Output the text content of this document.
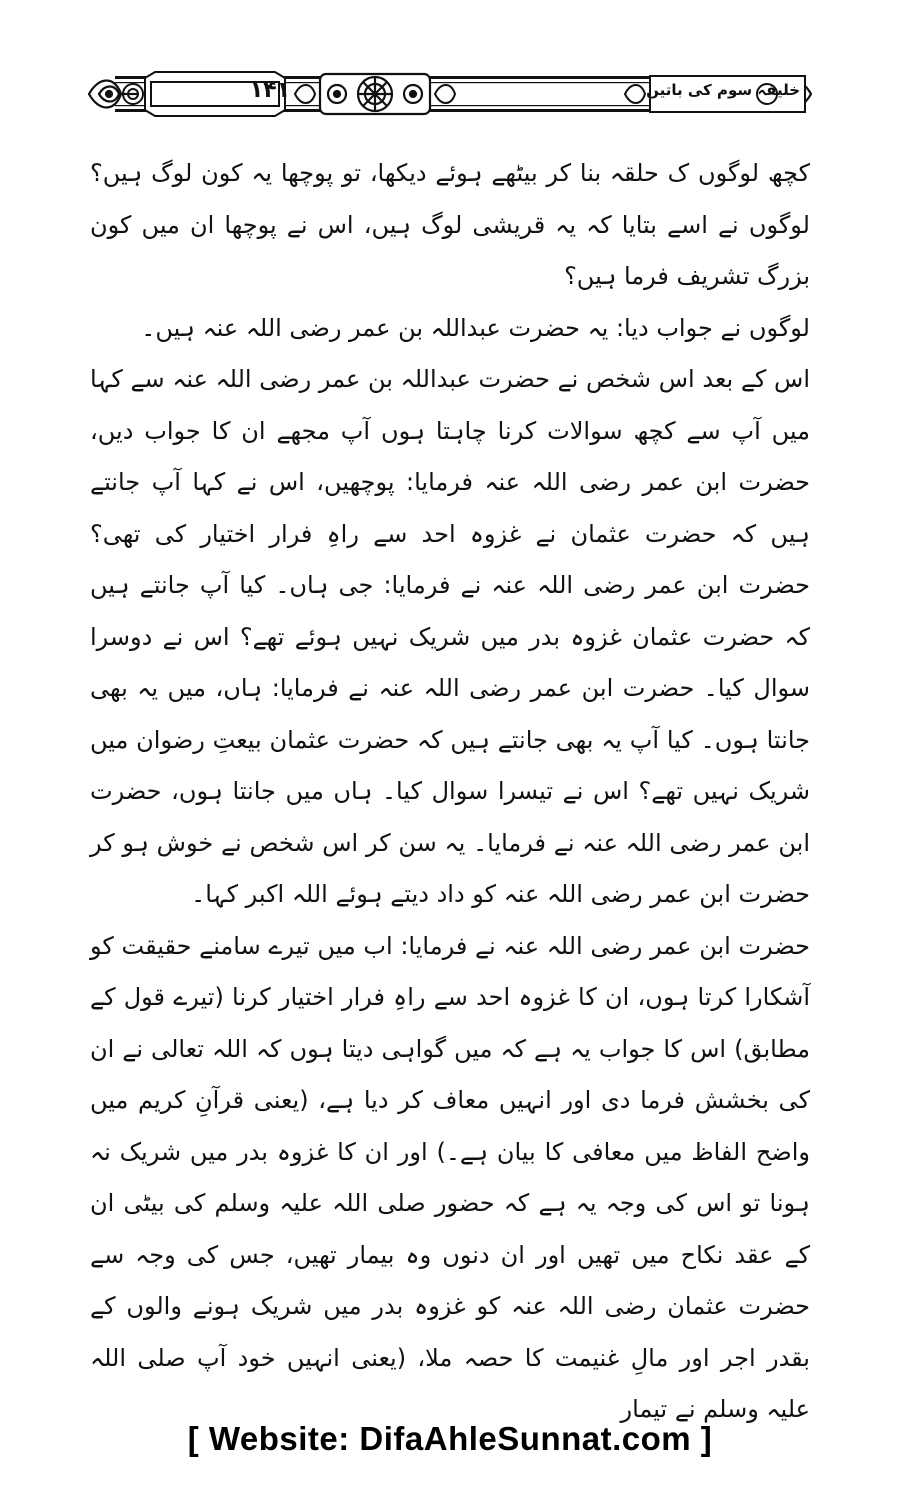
۱۴۱	خلیفہ سوم کی باتیں

کچھ لوگوں ک حلقہ بنا کر بیٹھے ہوئے دیکھا، تو پوچھا یہ کون لوگ ہیں؟ لوگوں نے اسے بتایا کہ یہ قریشی لوگ ہیں، اس نے پوچھا ان میں کون بزرگ تشریف فرما ہیں؟

لوگوں نے جواب دیا: یہ حضرت عبداللہ بن عمر رضی اللہ عنہ ہیں۔

اس کے بعد اس شخص نے حضرت عبداللہ بن عمر رضی اللہ عنہ سے کہا میں آپ سے کچھ سوالات کرنا چاہتا ہوں آپ مجھے ان کا جواب دیں، حضرت ابن عمر رضی اللہ عنہ فرمایا: پوچھیں، اس نے کہا آپ جانتے ہیں کہ حضرت عثمان نے غزوہ احد سے راہِ فرار اختیار کی تھی؟ حضرت ابن عمر رضی اللہ عنہ نے فرمایا: جی ہاں۔ کیا آپ جانتے ہیں کہ حضرت عثمان غزوہ بدر میں شریک نہیں ہوئے تھے؟ اس نے دوسرا سوال کیا۔ حضرت ابن عمر رضی اللہ عنہ نے فرمایا: ہاں، میں یہ بھی جانتا ہوں۔ کیا آپ یہ بھی جانتے ہیں کہ حضرت عثمان بیعتِ رضوان میں شریک نہیں تھے؟ اس نے تیسرا سوال کیا۔ ہاں میں جانتا ہوں، حضرت ابن عمر رضی اللہ عنہ نے فرمایا۔ یہ سن کر اس شخص نے خوش ہو کر حضرت ابن عمر رضی اللہ عنہ کو داد دیتے ہوئے اللہ اکبر کہا۔

حضرت ابن عمر رضی اللہ عنہ نے فرمایا: اب میں تیرے سامنے حقیقت کو آشکارا کرتا ہوں، ان کا غزوہ احد سے راہِ فرار اختیار کرنا (تیرے قول کے مطابق) اس کا جواب یہ ہے کہ میں گواہی دیتا ہوں کہ اللہ تعالی نے ان کی بخشش فرما دی اور انہیں معاف کر دیا ہے، (یعنی قرآنِ کریم میں واضح الفاظ میں معافی کا بیان ہے۔) اور ان کا غزوہ بدر میں شریک نہ ہونا تو اس کی وجہ یہ ہے کہ حضور صلی اللہ علیہ وسلم کی بیٹی ان کے عقد نکاح میں تھیں اور ان دنوں وہ بیمار تھیں، جس کی وجہ سے حضرت عثمان رضی اللہ عنہ کو غزوہ بدر میں شریک ہونے والوں کے بقدر اجر اور مالِ غنیمت کا حصہ ملا، (یعنی انہیں خود آپ صلی اللہ علیہ وسلم نے تیمار

[ Website: DifaAhleSunnat.com ]
